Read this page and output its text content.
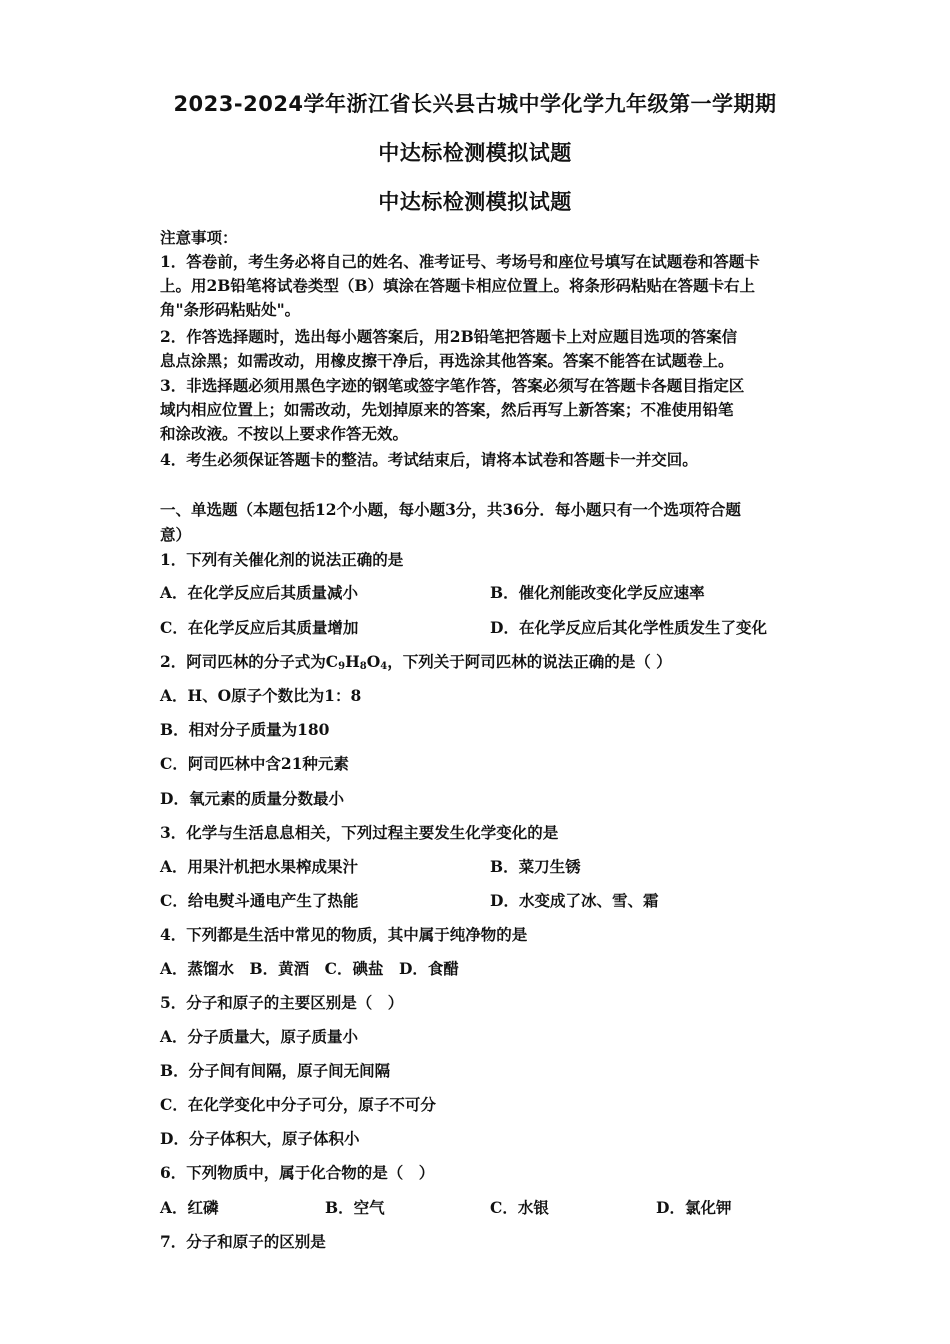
2023-2024学年浙江省长兴县古城中学化学九年级第一学期期
中达标检测模拟试题
中达标检测模拟试题
注意事项：
1．答卷前，考生务必将自己的姓名、准考证号、考场号和座位号填写在试题卷和答题卡
上。用2B铅笔将试卷类型（B）填涂在答题卡相应位置上。将条形码粘贴在答题卡右上
角"条形码粘贴处"。
2．作答选择题时，选出每小题答案后，用2B铅笔把答题卡上对应题目选项的答案信
息点涂黑；如需改动，用橡皮擦干净后，再选涂其他答案。答案不能答在试题卷上。
3．非选择题必须用黑色字迹的钢笔或签字笔作答，答案必须写在答题卡各题目指定区
域内相应位置上；如需改动，先划掉原来的答案，然后再写上新答案；不准使用铅笔
和涂改液。不按以上要求作答无效。
4．考生必须保证答题卡的整洁。考试结束后，请将本试卷和答题卡一并交回。
一、单选题（本题包括12个小题，每小题3分，共36分．每小题只有一个选项符合题
意）
1．下列有关催化剂的说法正确的是
A．在化学反应后其质量减小	B．催化剂能改变化学反应速率
C．在化学反应后其质量增加	D．在化学反应后其化学性质发生了变化
2．阿司匹林的分子式为$C_9H_8O_4$，下列关于阿司匹林的说法正确的是（ ）
A．H、O原子个数比为1：8
B．相对分子质量为180
C．阿司匹林中含21种元素
D．氧元素的质量分数最小
3．化学与生活息息相关，下列过程主要发生化学变化的是
A．用果汁机把水果榨成果汁	B．菜刀生锈
C．给电熨斗通电产生了热能	D．水变成了冰、雪、霜
4．下列都是生活中常见的物质，其中属于纯净物的是
A．蒸馏水　B．黄酒　C．碘盐　D．食醋
5．分子和原子的主要区别是（　）
A．分子质量大，原子质量小
B．分子间有间隔，原子间无间隔
C．在化学变化中分子可分，原子不可分
D．分子体积大，原子体积小
6．下列物质中，属于化合物的是（　）
A．红磷	B．空气	C．水银	D．氯化钾
7．分子和原子的区别是
